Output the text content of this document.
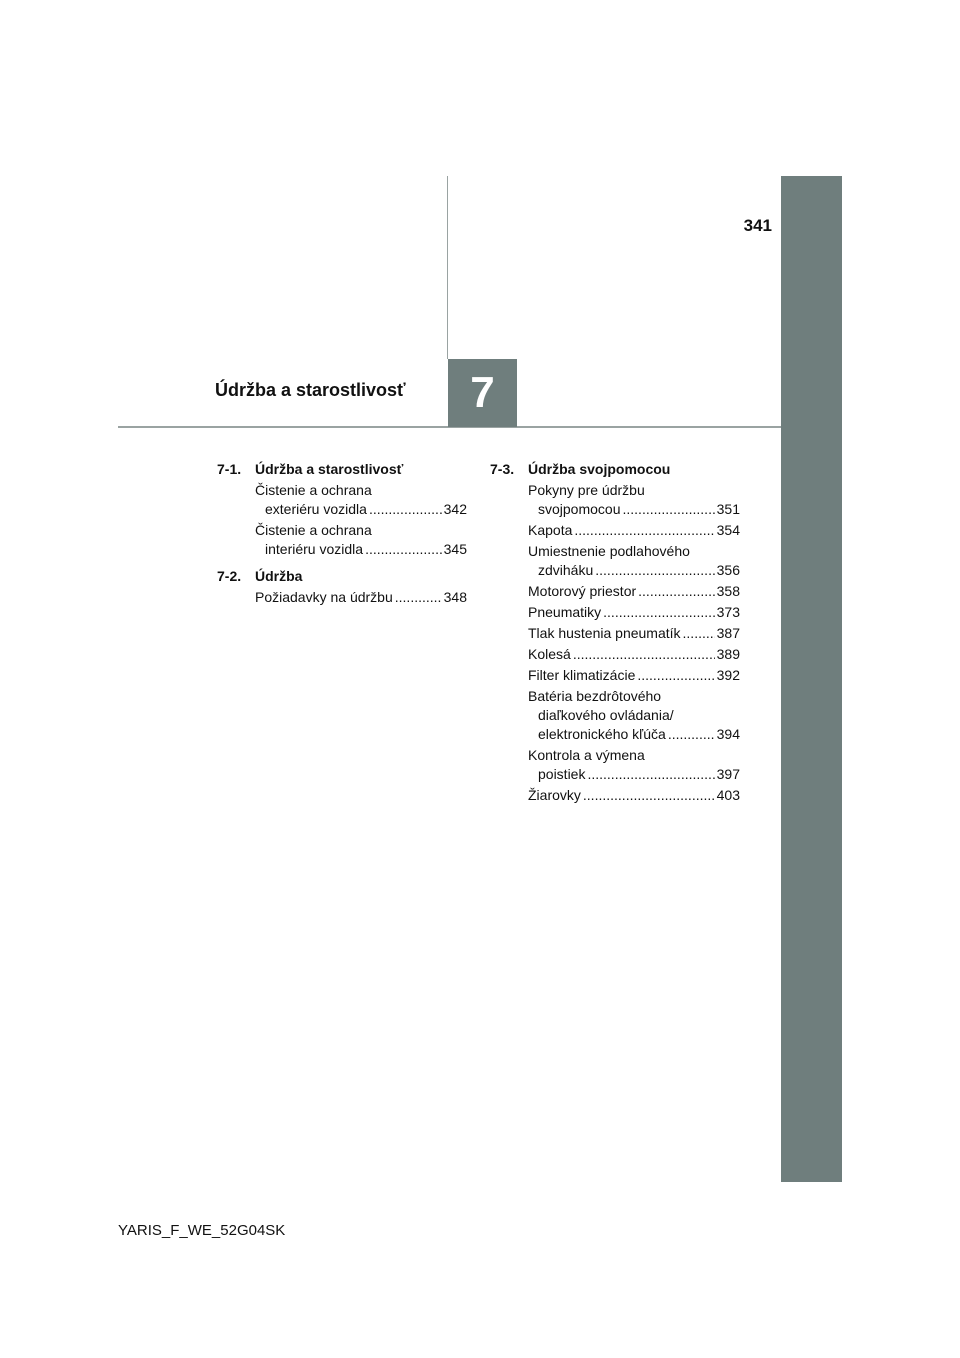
341
7
Údržba a starostlivosť
7-1. Údržba a starostlivosť
Čistenie a ochrana
exteriéru vozidla .....	342
Čistenie a ochrana
interiéru vozidla .....	345
7-2. Údržba
Požiadavky na údržbu .....	348
7-3. Údržba svojpomocou
Pokyny pre údržbu
svojpomocou .....	351
Kapota .....	354
Umiestnenie podlahového
zdviháku .....	356
Motorový priestor .....	358
Pneumatiky .....	373
Tlak hustenia pneumatík .....	387
Kolesá .....	389
Filter klimatizácie .....	392
Batéria bezdrôtového
diaľkového ovládania/
elektronického kľúča .....	394
Kontrola a výmena
poistiek .....	397
Žiarovky .....	403
YARIS_F_WE_52G04SK
